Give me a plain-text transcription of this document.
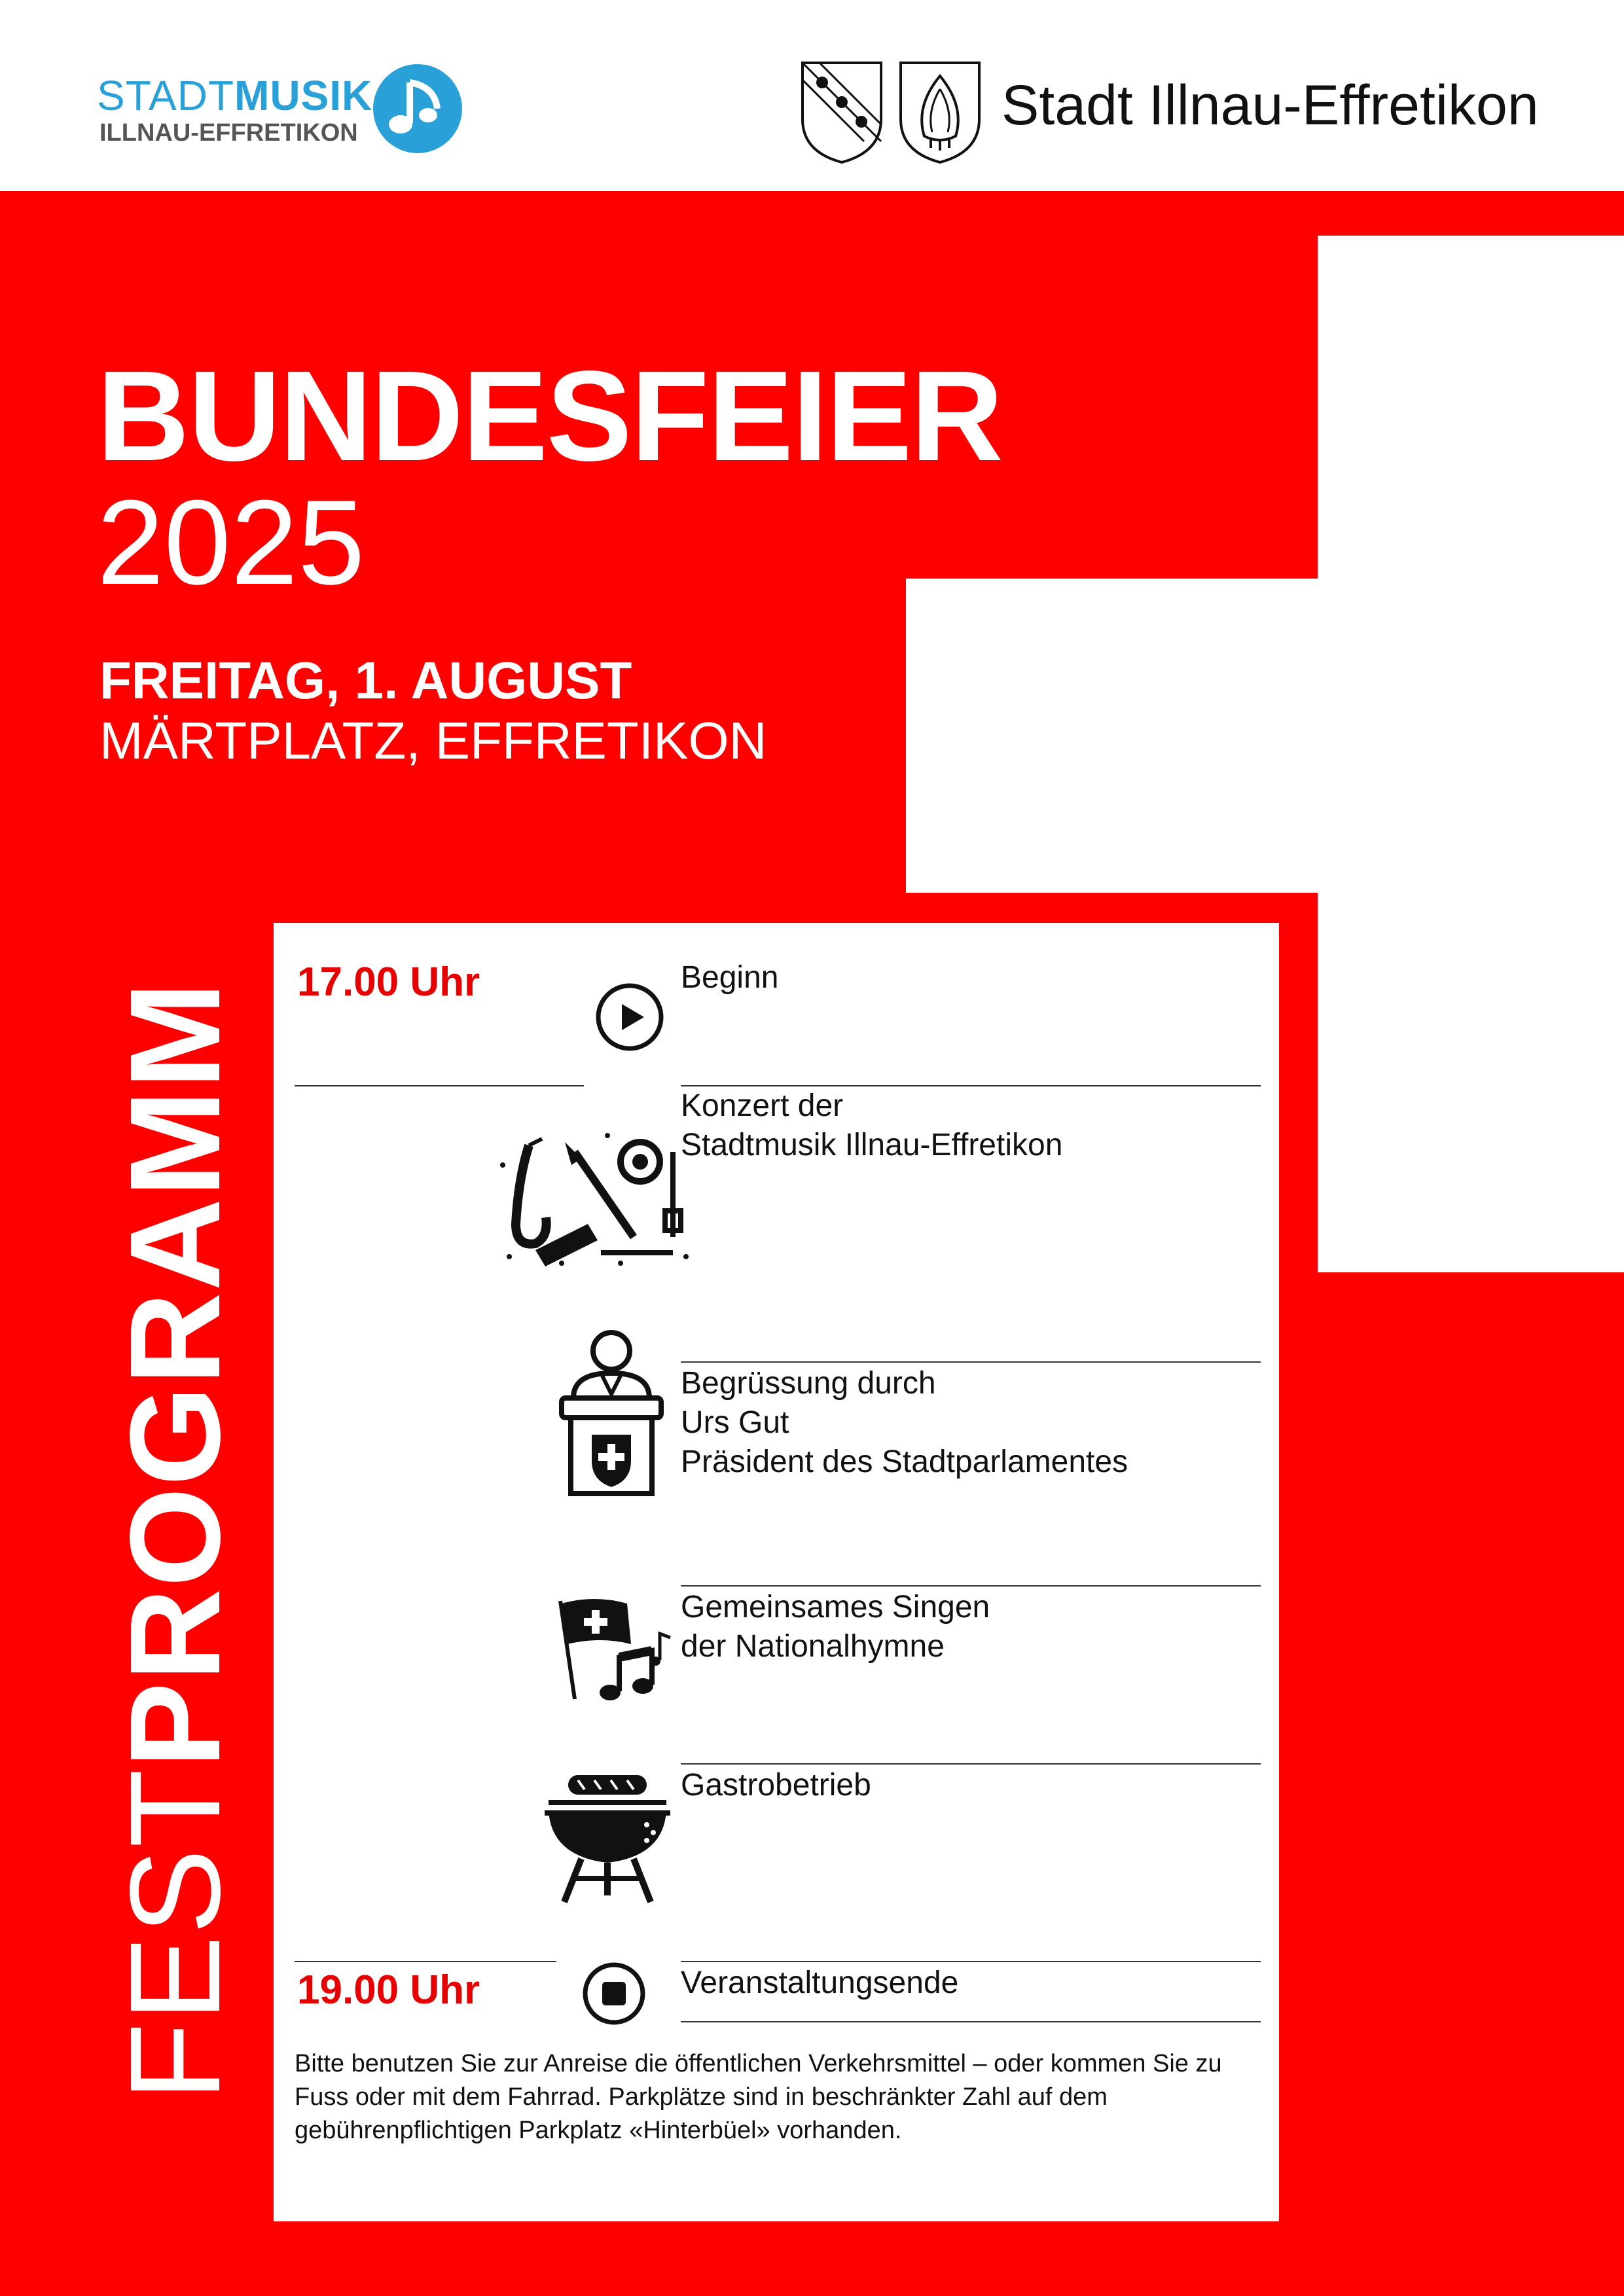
STADTMUSIK
ILLNAU-EFFRETIKON	Stadt Illnau-Effretikon
BUNDESFEIER
2025
FREITAG, 1. AUGUST
MÄRTPLATZ, EFFRETIKON
FESTPROGRAMM 17.00 Uhr
19.00 Uhr
Beginn
Konzert der
Stadtmusik Illnau-Effretikon
Begrüssung durch
Urs Gut
Präsident des Stadtparlamentes
Gemeinsames Singen
der Nationalhymne
Gastrobetrieb
Veranstaltungsende
Bitte benutzen Sie zur Anreise die öffentlichen Verkehrsmittel – oder kommen Sie zu Fuss oder mit dem Fahrrad. Parkplätze sind in beschränkter Zahl auf dem gebührenpflichtigen Parkplatz «Hinterbüel» vorhanden.
